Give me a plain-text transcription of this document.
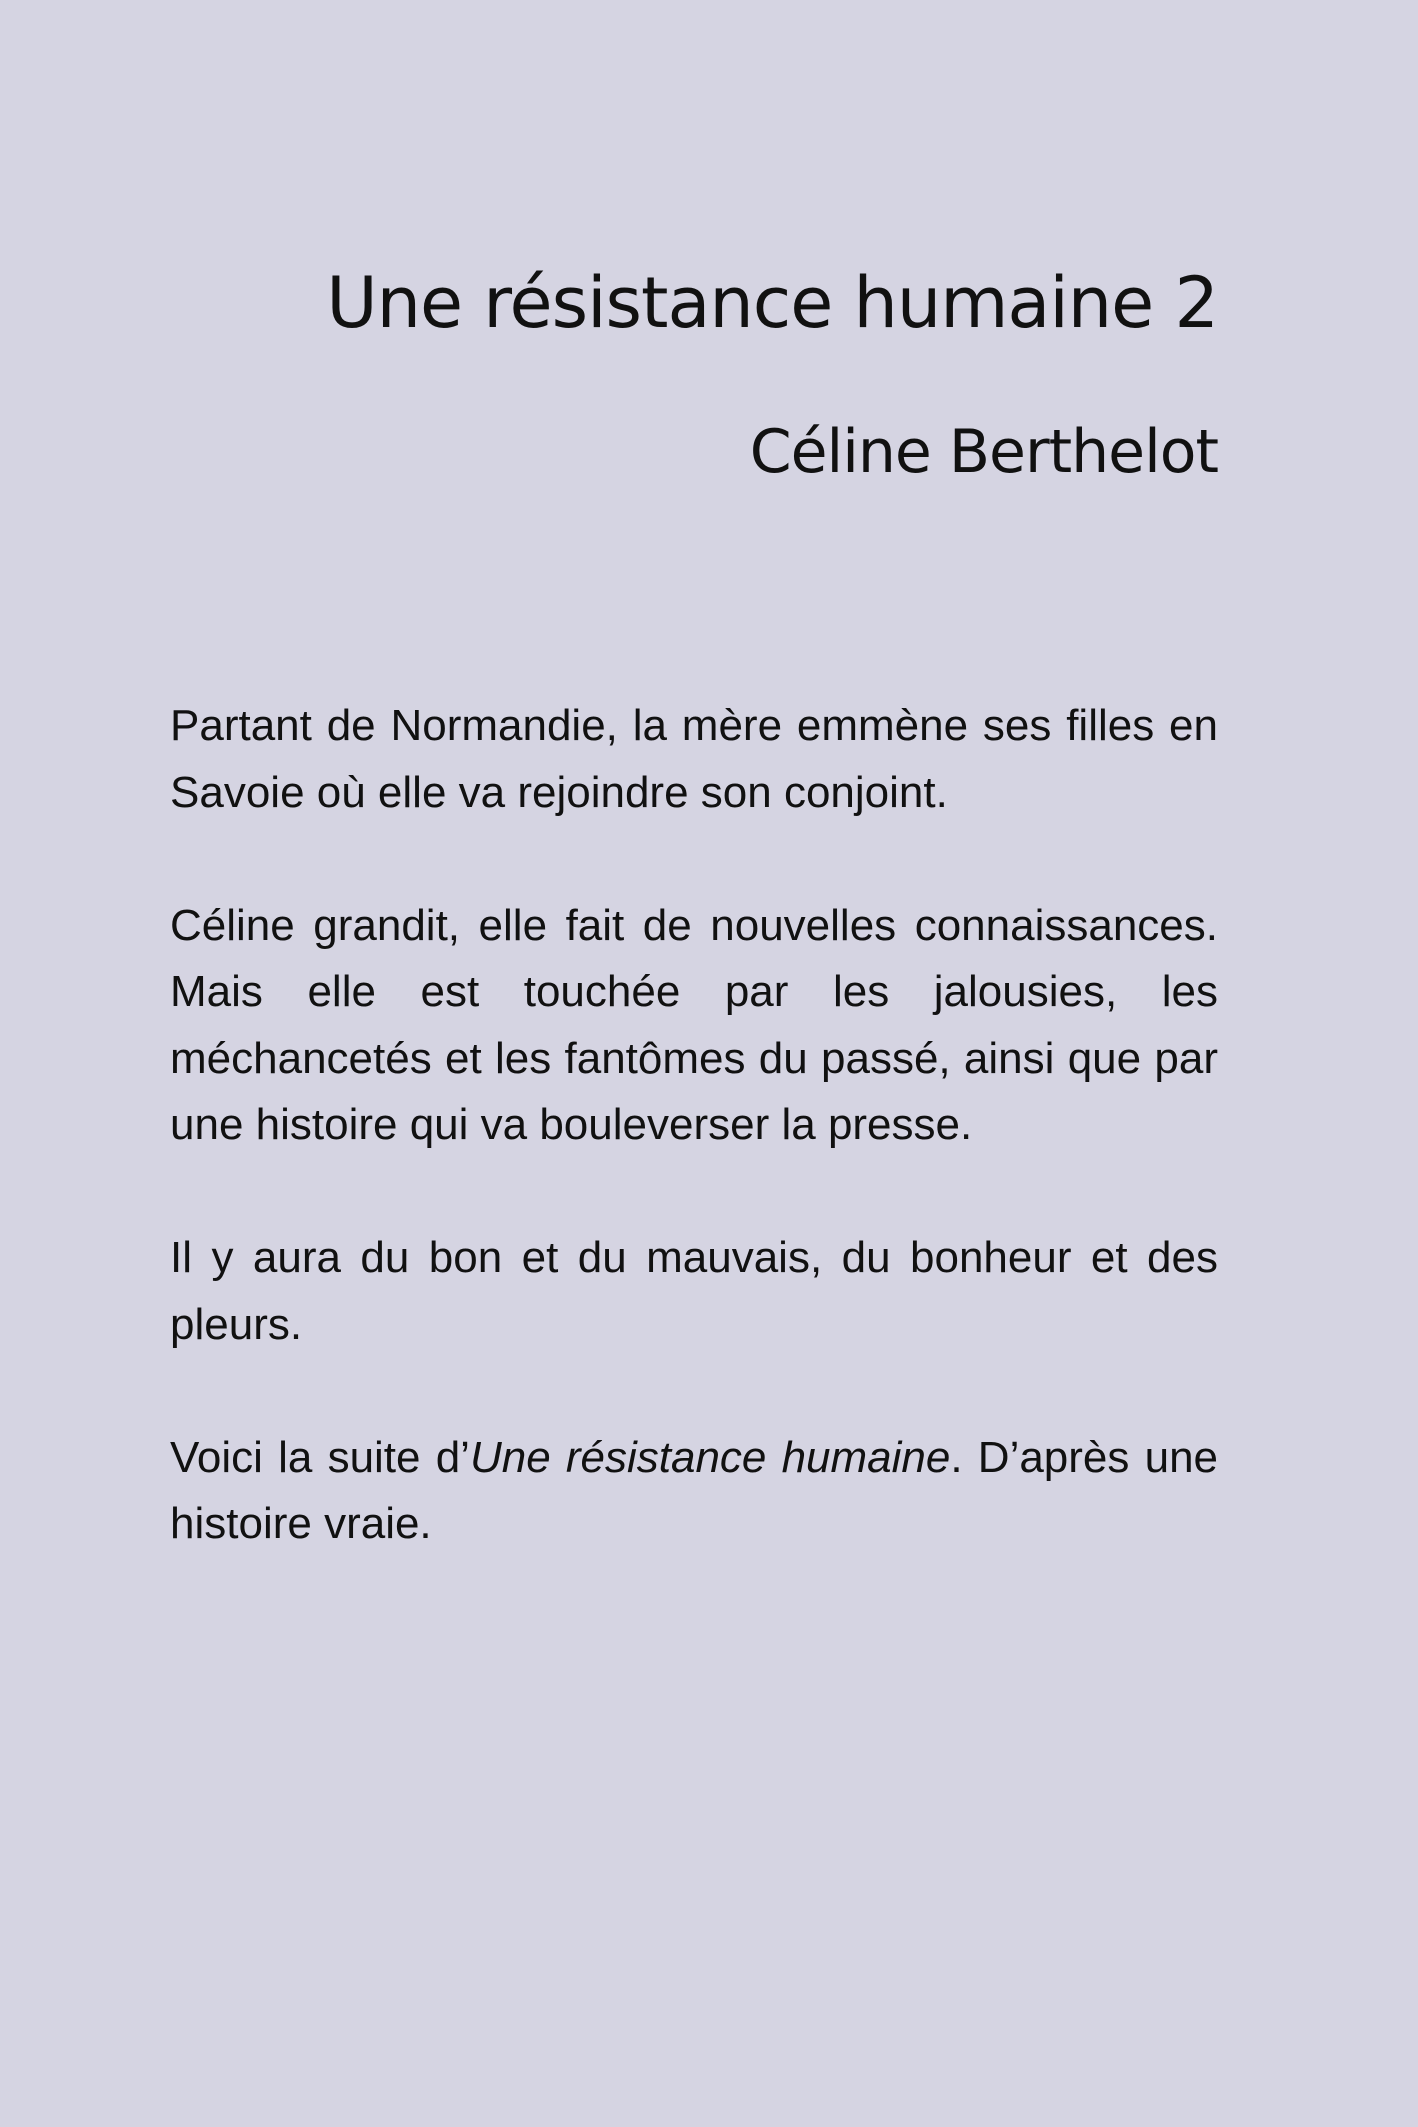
Une résistance humaine 2
Céline Berthelot

Partant de Normandie, la mère emmène ses filles en Savoie où elle va rejoindre son conjoint.

Céline grandit, elle fait de nouvelles connaissances. Mais elle est touchée par les jalousies, les méchancetés et les fantômes du passé, ainsi que par une histoire qui va bouleverser la presse.

Il y aura du bon et du mauvais, du bonheur et des pleurs.

Voici la suite d’Une résistance humaine. D’après une histoire vraie.
